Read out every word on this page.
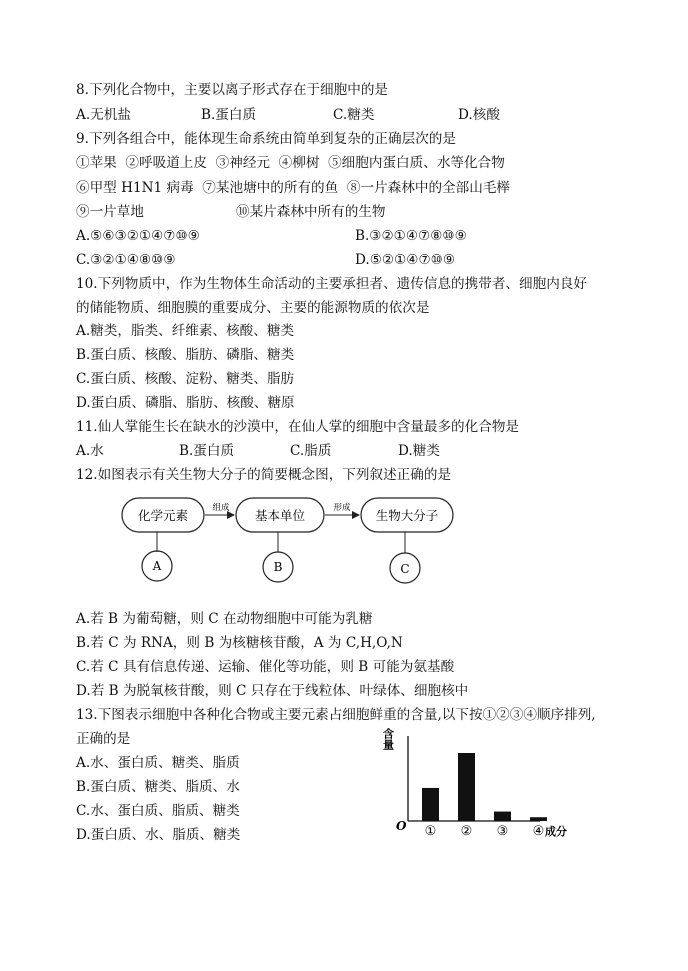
8.下列化合物中，主要以离子形式存在于细胞中的是
A.无机盐	B.蛋白质	C.糖类	D.核酸
9.下列各组合中，能体现生命系统由简单到复杂的正确层次的是
①苹果  ②呼吸道上皮  ③神经元  ④柳树  ⑤细胞内蛋白质、水等化合物
⑥甲型 H1N1 病毒  ⑦某池塘中的所有的鱼  ⑧一片森林中的全部山毛榉
⑨一片草地	⑩某片森林中所有的生物
A.⑤⑥③②①④⑦⑩⑨	B.③②①④⑦⑧⑩⑨
C.③②①④⑧⑩⑨	D.⑤②①④⑦⑩⑨
10.下列物质中，作为生物体生命活动的主要承担者、遗传信息的携带者、细胞内良好
的储能物质、细胞膜的重要成分、主要的能源物质的依次是
A.糖类，脂类、纤维素、核酸、糖类
B.蛋白质、核酸、脂肪、磷脂、糖类
C.蛋白质、核酸、淀粉、糖类、脂肪
D.蛋白质、磷脂、脂肪、核酸、糖原
11.仙人掌能生长在缺水的沙漠中，在仙人掌的细胞中含量最多的化合物是
A.水	B.蛋白质	C.脂质	D.糖类
12.如图表示有关生物大分子的简要概念图，下列叙述正确的是
化学元素	基本单位	生物大分子
组成	形成
A	B	C
A.若 B 为葡萄糖，则 C 在动物细胞中可能为乳糖
B.若 C 为 RNA，则 B 为核糖核苷酸，A 为 C,H,O,N
C.若 C 具有信息传递、运输、催化等功能，则 B 可能为氨基酸
D.若 B 为脱氧核苷酸，则 C 只存在于线粒体、叶绿体、细胞核中
13.下图表示细胞中各种化合物或主要元素占细胞鲜重的含量,以下按①②③④顺序排列,
正确的是
A.水、蛋白质、糖类、脂质
B.蛋白质、糖类、脂质、水
C.水、蛋白质、脂质、糖类
D.蛋白质、水、脂质、糖类	① ② ③ ④
O
含量
成分
